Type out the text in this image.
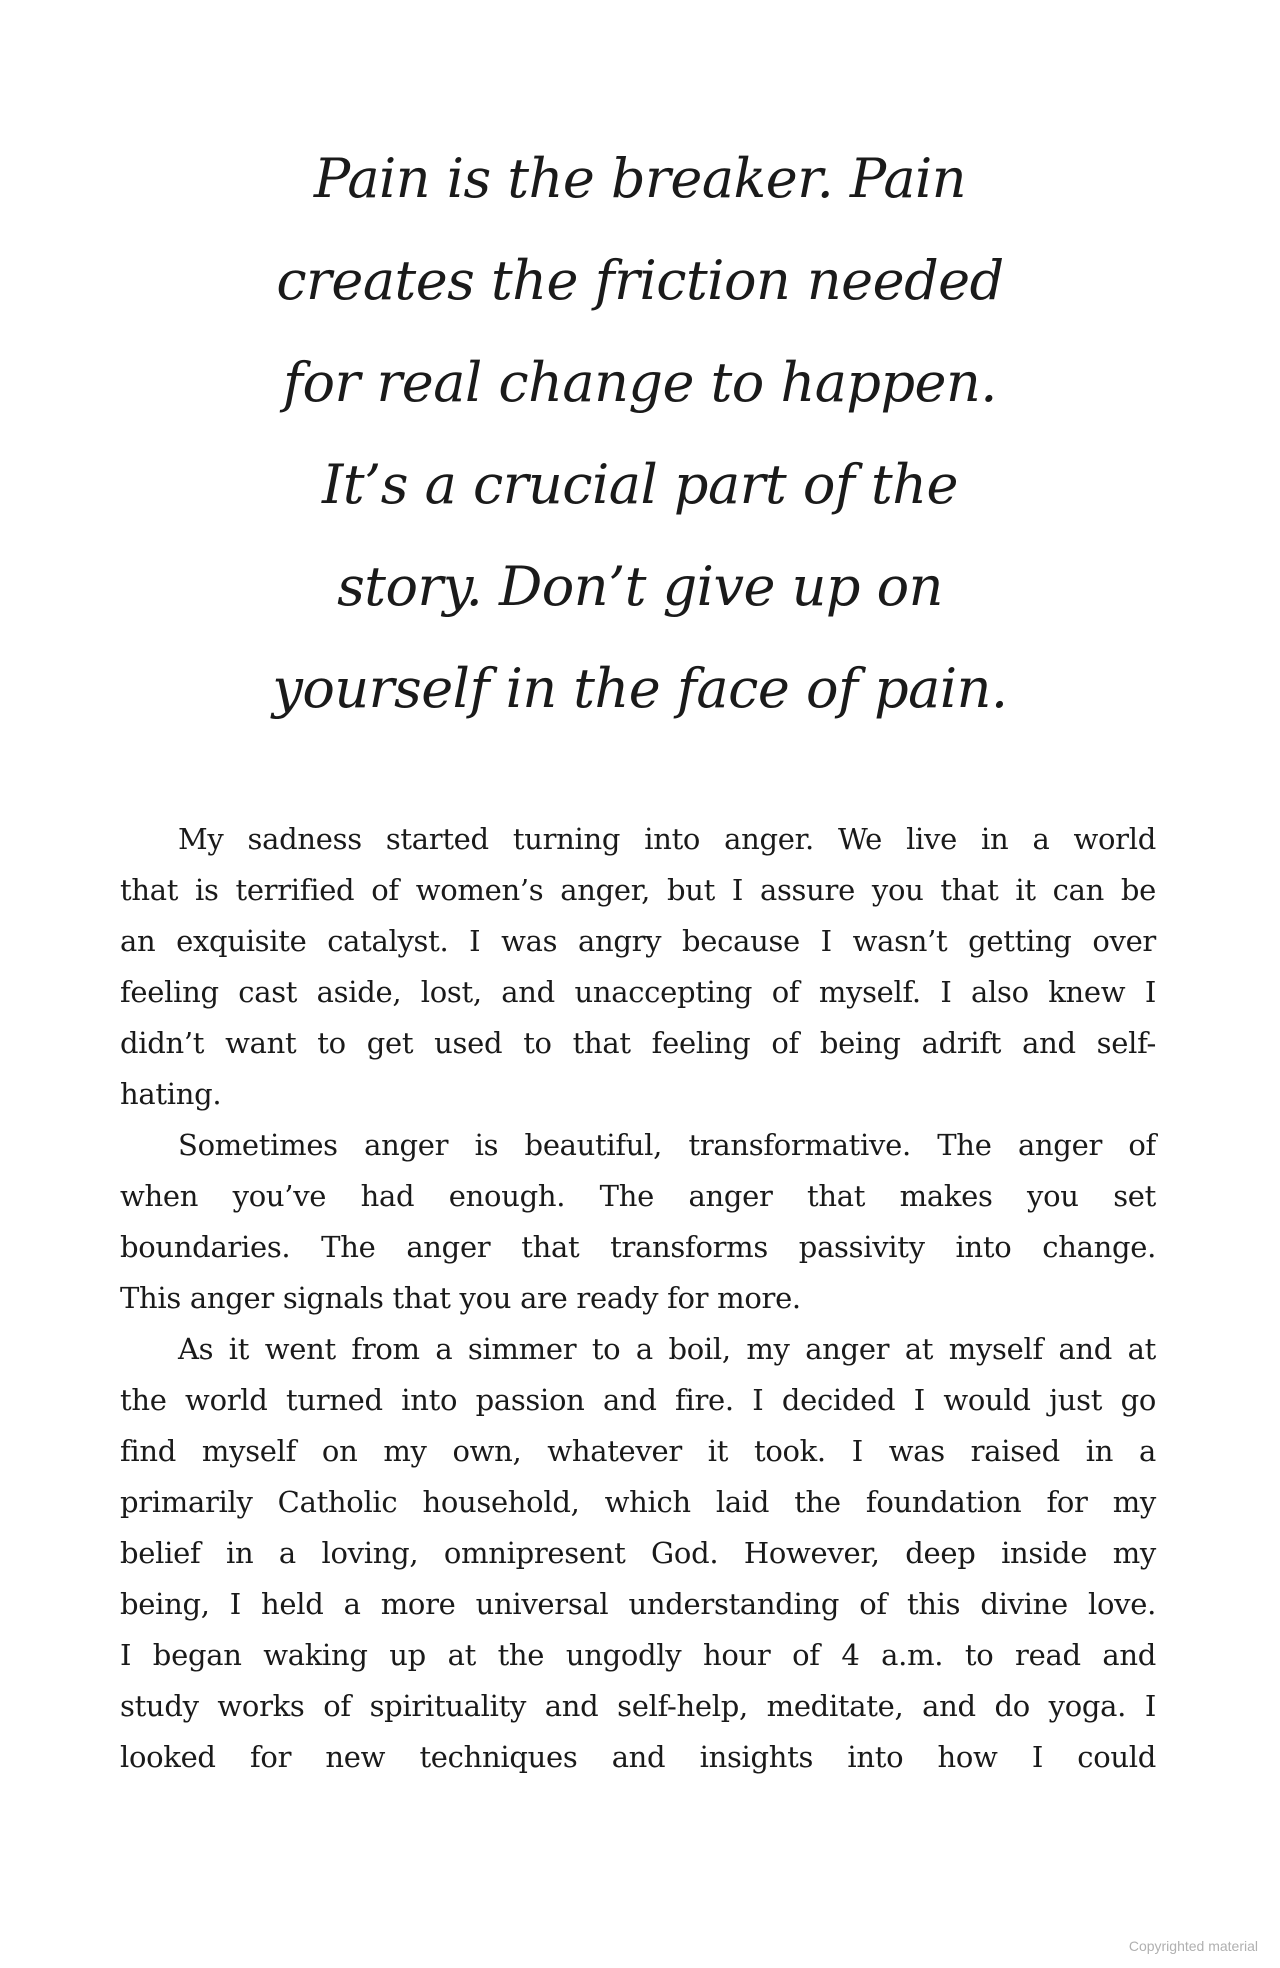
Pain is the breaker. Pain
creates the friction needed
for real change to happen.
It’s a crucial part of the
story. Don’t give up on
yourself in the face of pain.

My sadness started turning into anger. We live in a world
that is terrified of women’s anger, but I assure you that it can be
an exquisite catalyst. I was angry because I wasn’t getting over
feeling cast aside, lost, and unaccepting of myself. I also knew I
didn’t want to get used to that feeling of being adrift and self-
hating.

Sometimes anger is beautiful, transformative. The anger of
when you’ve had enough. The anger that makes you set
boundaries. The anger that transforms passivity into change.
This anger signals that you are ready for more.

As it went from a simmer to a boil, my anger at myself and at
the world turned into passion and fire. I decided I would just go
find myself on my own, whatever it took. I was raised in a
primarily Catholic household, which laid the foundation for my
belief in a loving, omnipresent God. However, deep inside my
being, I held a more universal understanding of this divine love.
I began waking up at the ungodly hour of 4 a.m. to read and
study works of spirituality and self-help, meditate, and do yoga. I
looked for new techniques and insights into how I could

Copyrighted material
